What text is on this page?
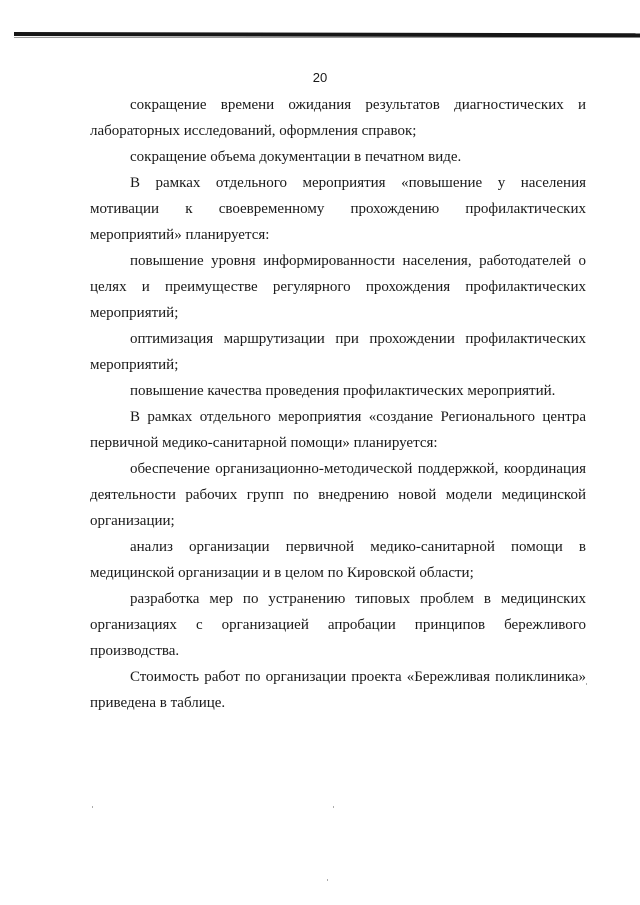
20

сокращение времени ожидания результатов диагностических и лабораторных исследований, оформления справок;

сокращение объема документации в печатном виде.

В рамках отдельного мероприятия «повышение у населения мотивации к своевременному прохождению профилактических мероприятий» планируется:

повышение уровня информированности населения, работодателей о целях и преимуществе регулярного прохождения профилактических мероприятий;

оптимизация маршрутизации при прохождении профилактических мероприятий;

повышение качества проведения профилактических мероприятий.

В рамках отдельного мероприятия «создание Регионального центра первичной медико-санитарной помощи» планируется:

обеспечение организационно-методической поддержкой, координация деятельности рабочих групп по внедрению новой модели медицинской организации;

анализ организации первичной медико-санитарной помощи в медицинской организации и в целом по Кировской области;

разработка мер по устранению типовых проблем в медицинских организациях с организацией апробации принципов бережливого производства.

Стоимость работ по организации проекта «Бережливая поликлиника» приведена в таблице.
